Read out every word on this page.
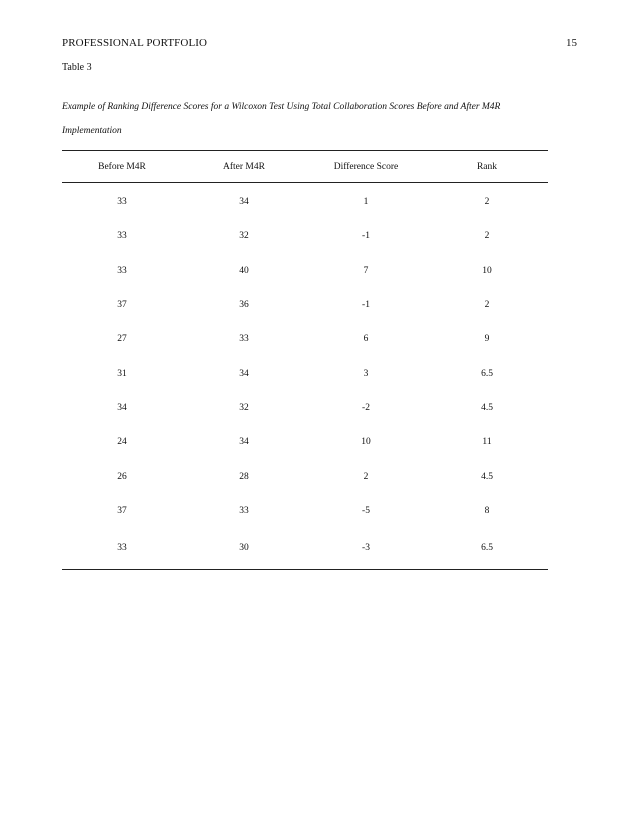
PROFESSIONAL PORTFOLIO	15
Table 3
Example of Ranking Difference Scores for a Wilcoxon Test Using Total Collaboration Scores Before and After M4R Implementation
Before M4R	After M4R	Difference Score	Rank
33	34	1	2
33	32	-1	2
33	40	7	10
37	36	-1	2
27	33	6	9
31	34	3	6.5
34	32	-2	4.5
24	34	10	11
26	28	2	4.5
37	33	-5	8
33	30	-3	6.5
